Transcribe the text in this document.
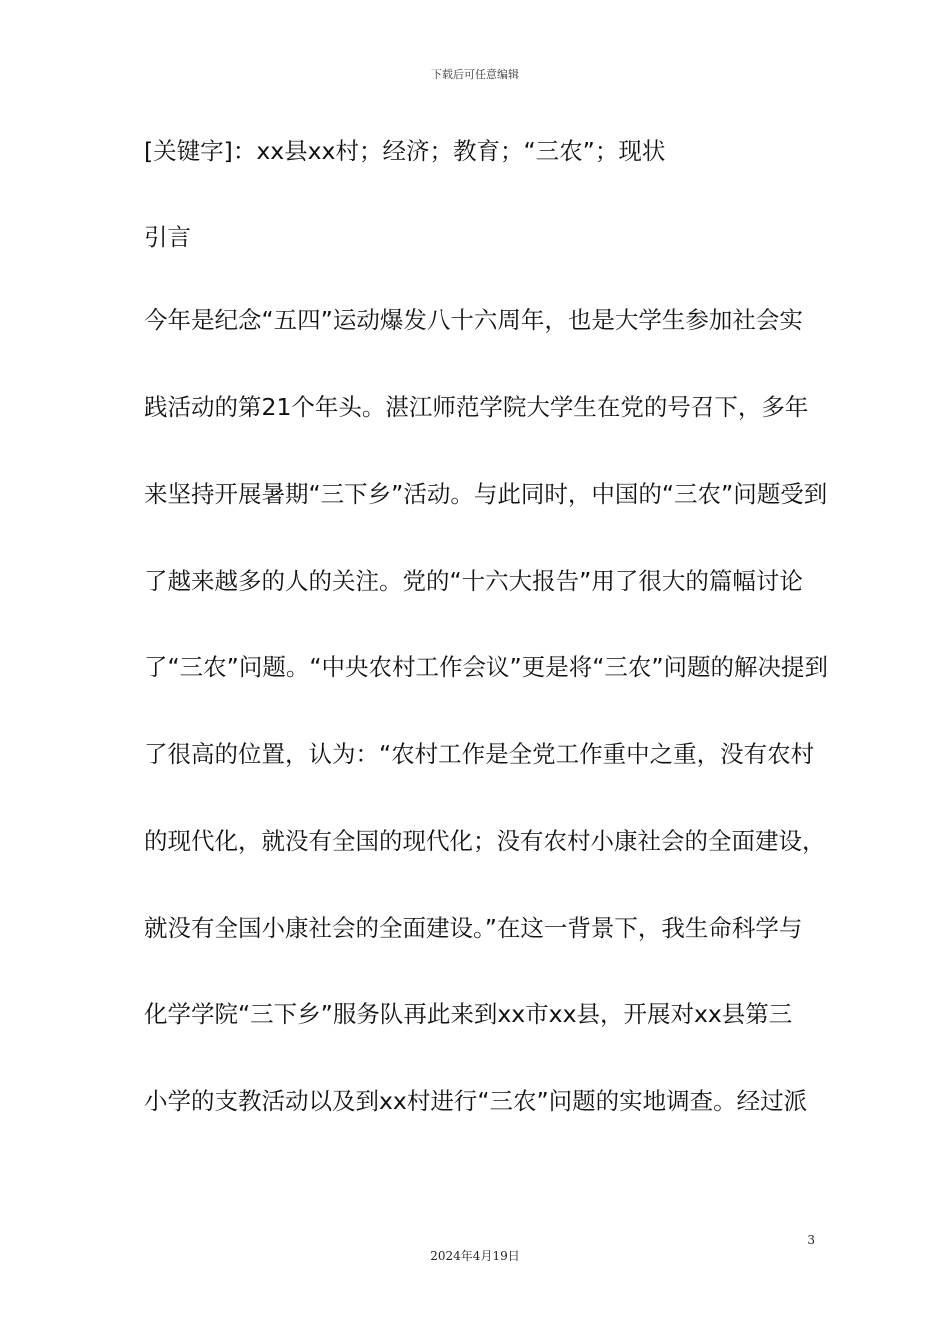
下载后可任意编辑
[关键字]：xx县xx村；经济；教育；“三农”；现状
引言
今年是纪念“五四”运动爆发八十六周年，也是大学生参加社会实
践活动的第21个年头。湛江师范学院大学生在党的号召下，多年
来坚持开展暑期“三下乡”活动。与此同时，中国的“三农”问题受到
了越来越多的人的关注。党的“十六大报告”用了很大的篇幅讨论
了“三农”问题。“中央农村工作会议”更是将“三农”问题的解决提到
了很高的位置，认为：“农村工作是全党工作重中之重，没有农村
的现代化，就没有全国的现代化；没有农村小康社会的全面建设，
就没有全国小康社会的全面建设。”在这一背景下，我生命科学与
化学学院“三下乡”服务队再此来到xx市xx县，开展对xx县第三
小学的支教活动以及到xx村进行“三农”问题的实地调查。经过派
3
2024年4月19日
